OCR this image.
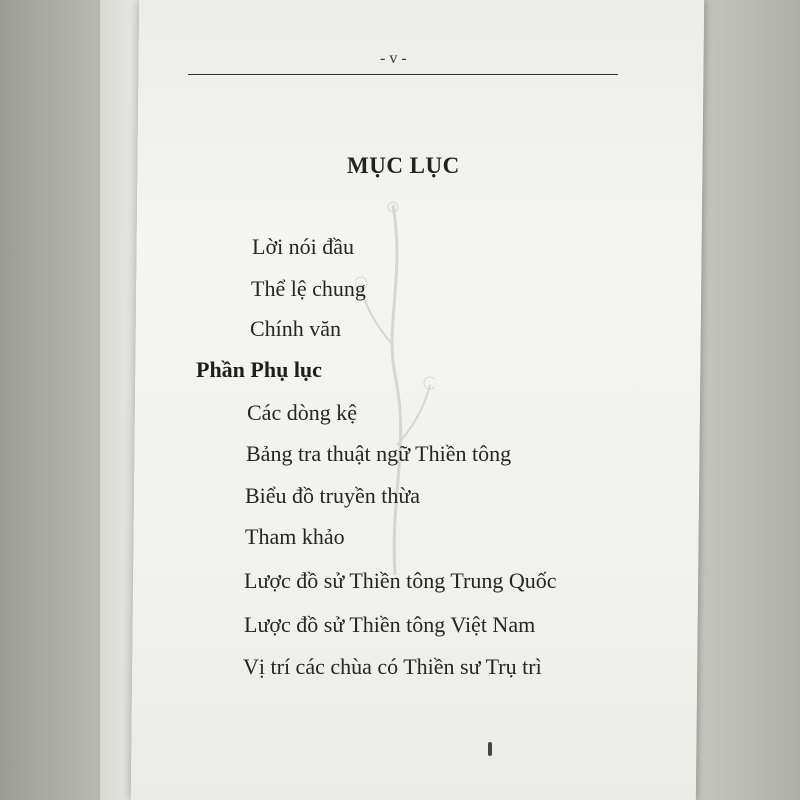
- v -
MỤC LỤC
Lời nói đầu
Thể lệ chung
Chính văn
Phần Phụ lục
Các dòng kệ
Bảng tra thuật ngữ Thiền tông
Biểu đồ truyền thừa
Tham khảo
Lược đồ sử Thiền tông Trung Quốc
Lược đồ sử Thiền tông Việt Nam
Vị trí các chùa có Thiền sư Trụ trì
